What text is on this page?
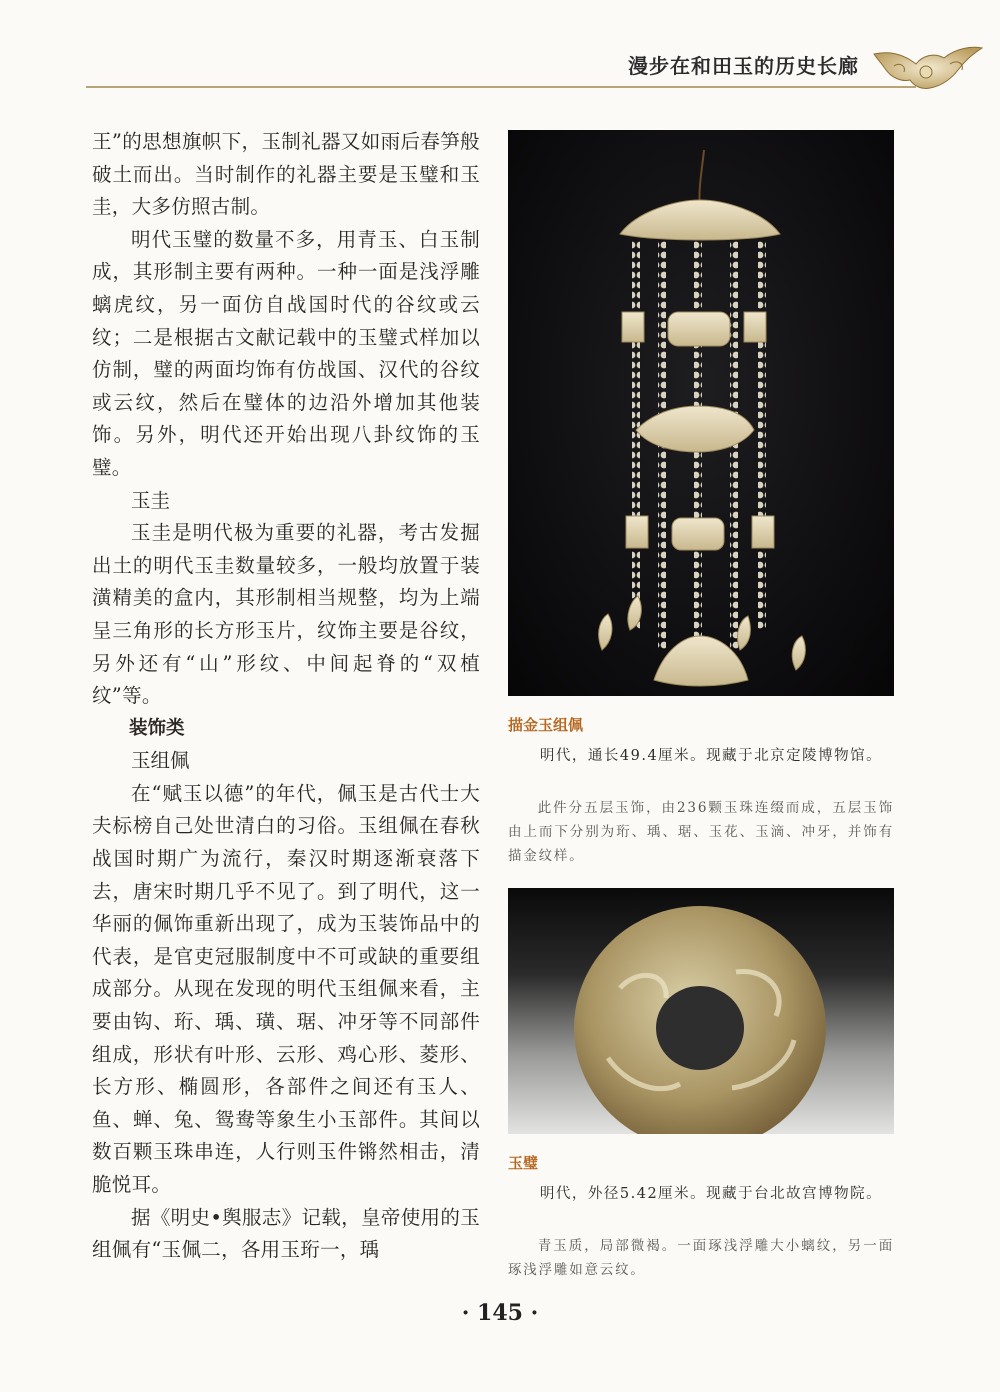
漫步在和田玉的历史长廊

王”的思想旗帜下，玉制礼器又如雨后春笋般破土而出。当时制作的礼器主要是玉璧和玉圭，大多仿照古制。

明代玉璧的数量不多，用青玉、白玉制成，其形制主要有两种。一种一面是浅浮雕螭虎纹，另一面仿自战国时代的谷纹或云纹；二是根据古文献记载中的玉璧式样加以仿制，璧的两面均饰有仿战国、汉代的谷纹或云纹，然后在璧体的边沿外增加其他装饰。另外，明代还开始出现八卦纹饰的玉璧。

玉圭

玉圭是明代极为重要的礼器，考古发掘出土的明代玉圭数量较多，一般均放置于装潢精美的盒内，其形制相当规整，均为上端呈三角形的长方形玉片，纹饰主要是谷纹，另外还有“山”形纹、中间起脊的“双植纹”等。

装饰类

玉组佩

在“赋玉以德”的年代，佩玉是古代士大夫标榜自己处世清白的习俗。玉组佩在春秋战国时期广为流行，秦汉时期逐渐衰落下去，唐宋时期几乎不见了。到了明代，这一华丽的佩饰重新出现了，成为玉装饰品中的代表，是官吏冠服制度中不可或缺的重要组成部分。从现在发现的明代玉组佩来看，主要由钩、珩、瑀、璜、琚、冲牙等不同部件组成，形状有叶形、云形、鸡心形、菱形、长方形、椭圆形，各部件之间还有玉人、鱼、蝉、兔、鸳鸯等象生小玉部件。其间以数百颗玉珠串连，人行则玉件锵然相击，清脆悦耳。

据《明史•舆服志》记载，皇帝使用的玉组佩有“玉佩二，各用玉珩一，瑀

描金玉组佩

明代，通长49.4厘米。现藏于北京定陵博物馆。

此件分五层玉饰，由236颗玉珠连缀而成，五层玉饰由上而下分别为珩、瑀、琚、玉花、玉滴、冲牙，并饰有描金纹样。

玉璧

明代，外径5.42厘米。现藏于台北故宫博物院。

青玉质，局部微褐。一面琢浅浮雕大小螭纹，另一面琢浅浮雕如意云纹。

· 145 ·
